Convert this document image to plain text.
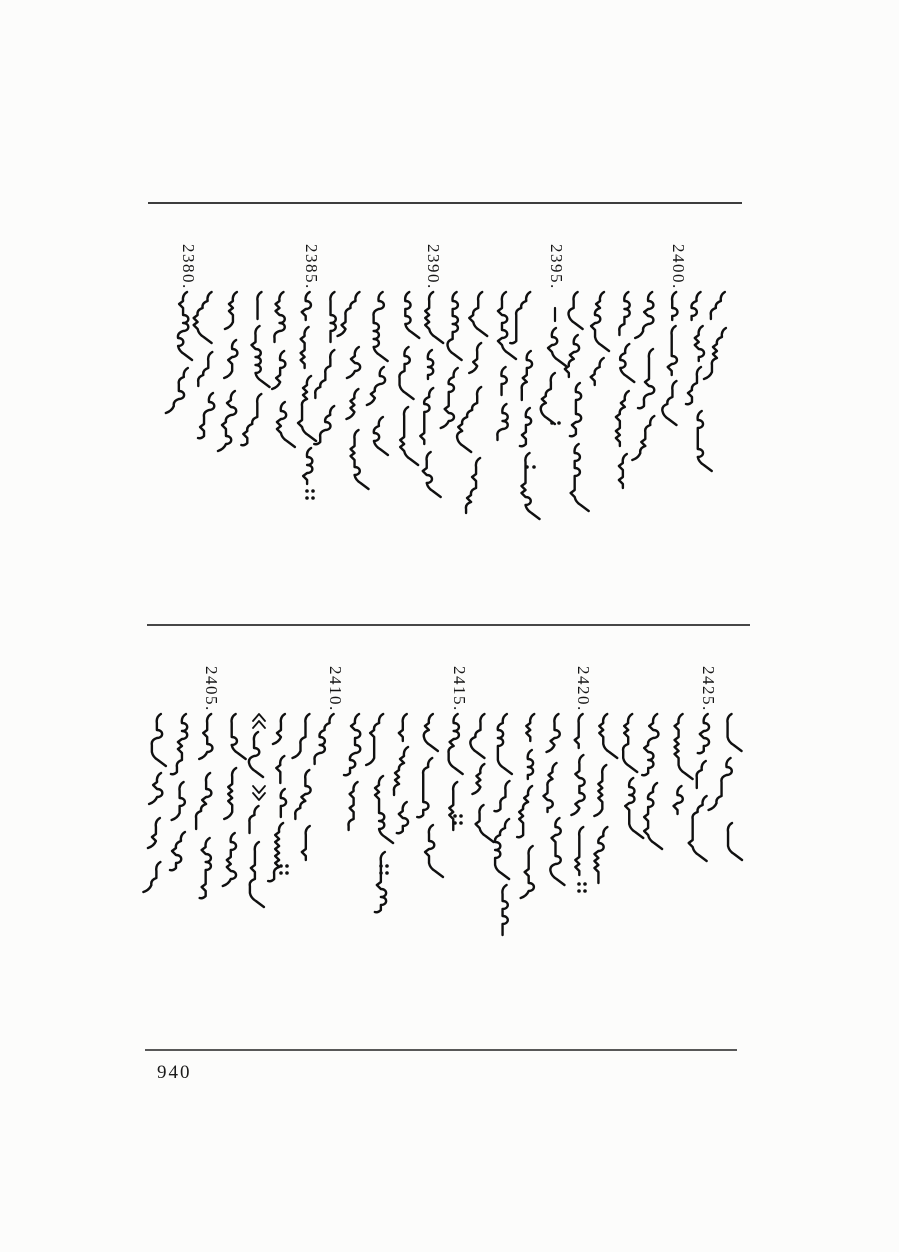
2380.	2385.	2390.	2395.	2400.
2405.	2410.	2415.	2420.	2425.
940
